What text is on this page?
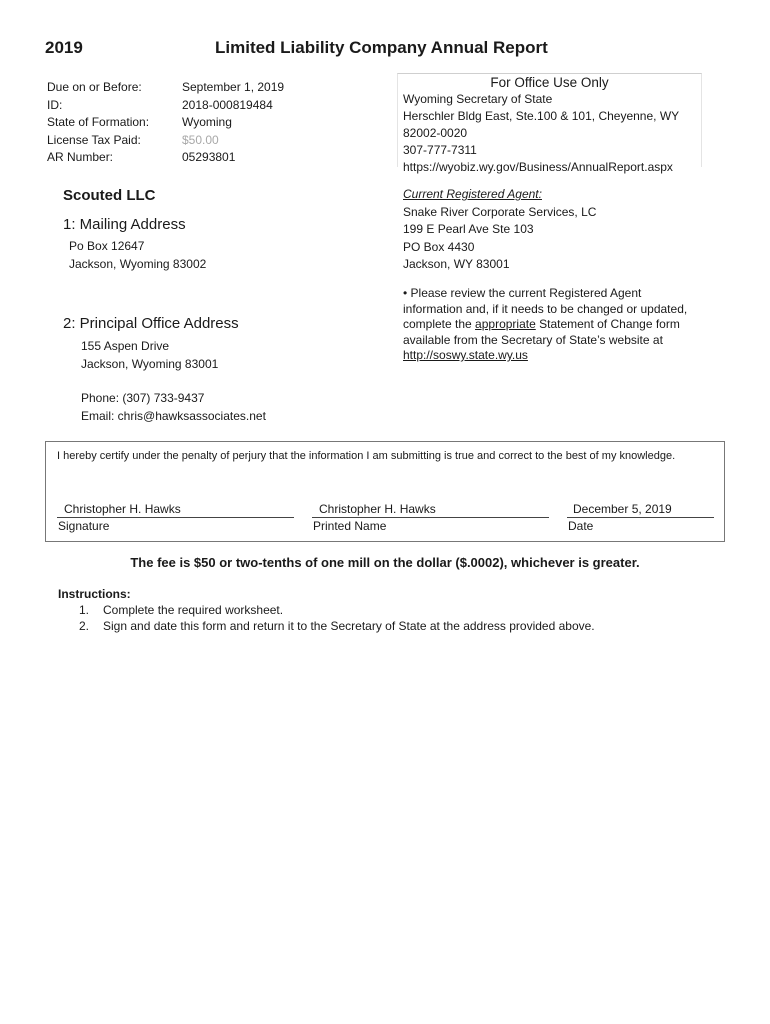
2019	Limited Liability Company Annual Report
Due on or Before:	September 1, 2019
ID:	2018-000819484
State of Formation:	Wyoming
License Tax Paid:	$50.00
AR Number:	05293801
For Office Use Only
Wyoming Secretary of State
Herschler Bldg East, Ste.100 & 101, Cheyenne, WY 82002-0020
307-777-7311
https://wyobiz.wy.gov/Business/AnnualReport.aspx
Scouted LLC
1: Mailing Address
Po Box 12647
Jackson, Wyoming 83002
2: Principal Office Address
155 Aspen Drive
Jackson, Wyoming 83001
Phone: (307) 733-9437
Email: chris@hawksassociates.net
Current Registered Agent:
Snake River Corporate Services, LC
199 E Pearl Ave Ste 103
PO Box 4430
Jackson, WY 83001
• Please review the current Registered Agent information and, if it needs to be changed or updated, complete the appropriate Statement of Change form available from the Secretary of State’s website at http://soswy.state.wy.us
I hereby certify under the penalty of perjury that the information I am submitting is true and correct to the best of my knowledge.
Christopher H. Hawks
Signature
Christopher H. Hawks
Printed Name
December 5, 2019
Date
The fee is $50 or two-tenths of one mill on the dollar ($.0002), whichever is greater.
Instructions:
1.	Complete the required worksheet.
2.	Sign and date this form and return it to the Secretary of State at the address provided above.
